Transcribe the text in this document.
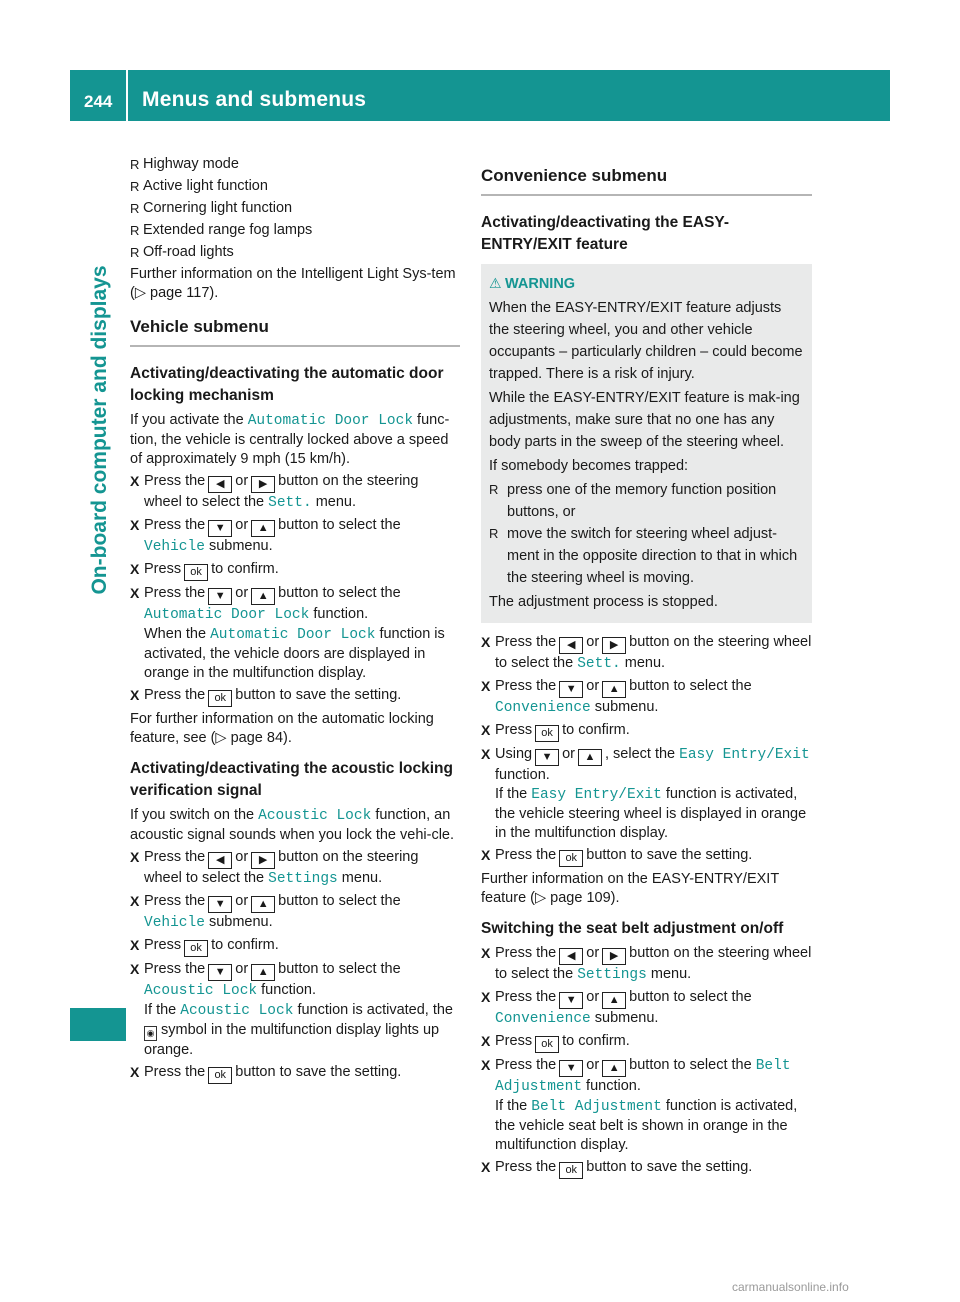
244 Menus and submenus
On-board computer and displays

R Highway mode

R Active light function

R Cornering light function

R Extended range fog lamps

R Off-road lights

Further information on the Intelligent Light Sys-tem (▷ page 117).

Vehicle submenu
Activating/deactivating the automatic door locking mechanism

If you activate the Automatic Door Lock func-tion, the vehicle is centrally locked above a speed of approximately 9 mph (15 km/h).

X Press the ◀ or ▶ button on the steering wheel to select the Sett. menu.

X Press the ▼ or ▲ button to select the Vehicle submenu.

X Press ok to confirm.

X Press the ▼ or ▲ button to select the Automatic Door Lock function.
When the Automatic Door Lock function is activated, the vehicle doors are displayed in orange in the multifunction display.

X Press the ok button to save the setting.

For further information on the automatic locking feature, see (▷ page 84).

Activating/deactivating the acoustic locking verification signal

If you switch on the Acoustic Lock function, an acoustic signal sounds when you lock the vehi-cle.

X Press the ◀ or ▶ button on the steering wheel to select the Settings menu.

X Press the ▼ or ▲ button to select the Vehicle submenu.

X Press ok to confirm.

X Press the ▼ or ▲ button to select the Acoustic Lock function.
If the Acoustic Lock function is activated, the ◉ symbol in the multifunction display lights up orange.

X Press the ok button to save the setting.

Convenience submenu
Activating/deactivating the EASY-ENTRY/EXIT feature
⚠ WARNING

When the EASY-ENTRY/EXIT feature adjusts the steering wheel, you and other vehicle occupants – particularly children – could become trapped. There is a risk of injury.

While the EASY-ENTRY/EXIT feature is mak-ing adjustments, make sure that no one has any body parts in the sweep of the steering wheel.

If somebody becomes trapped:

R press one of the memory function position buttons, or

R move the switch for steering wheel adjust-ment in the opposite direction to that in which the steering wheel is moving.

The adjustment process is stopped.

X Press the ◀ or ▶ button on the steering wheel to select the Sett. menu.

X Press the ▼ or ▲ button to select the Convenience submenu.

X Press ok to confirm.

X Using ▼ or ▲ , select the Easy Entry/Exit function.
If the Easy Entry/Exit function is activated, the vehicle steering wheel is displayed in orange in the multifunction display.

X Press the ok button to save the setting.

Further information on the EASY-ENTRY/EXIT feature (▷ page 109).

Switching the seat belt adjustment on/off

X Press the ◀ or ▶ button on the steering wheel to select the Settings menu.

X Press the ▼ or ▲ button to select the Convenience submenu.

X Press ok to confirm.

X Press the ▼ or ▲ button to select the Belt Adjustment function.
If the Belt Adjustment function is activated, the vehicle seat belt is shown in orange in the multifunction display.

X Press the ok button to save the setting.

carmanualsonline.info
